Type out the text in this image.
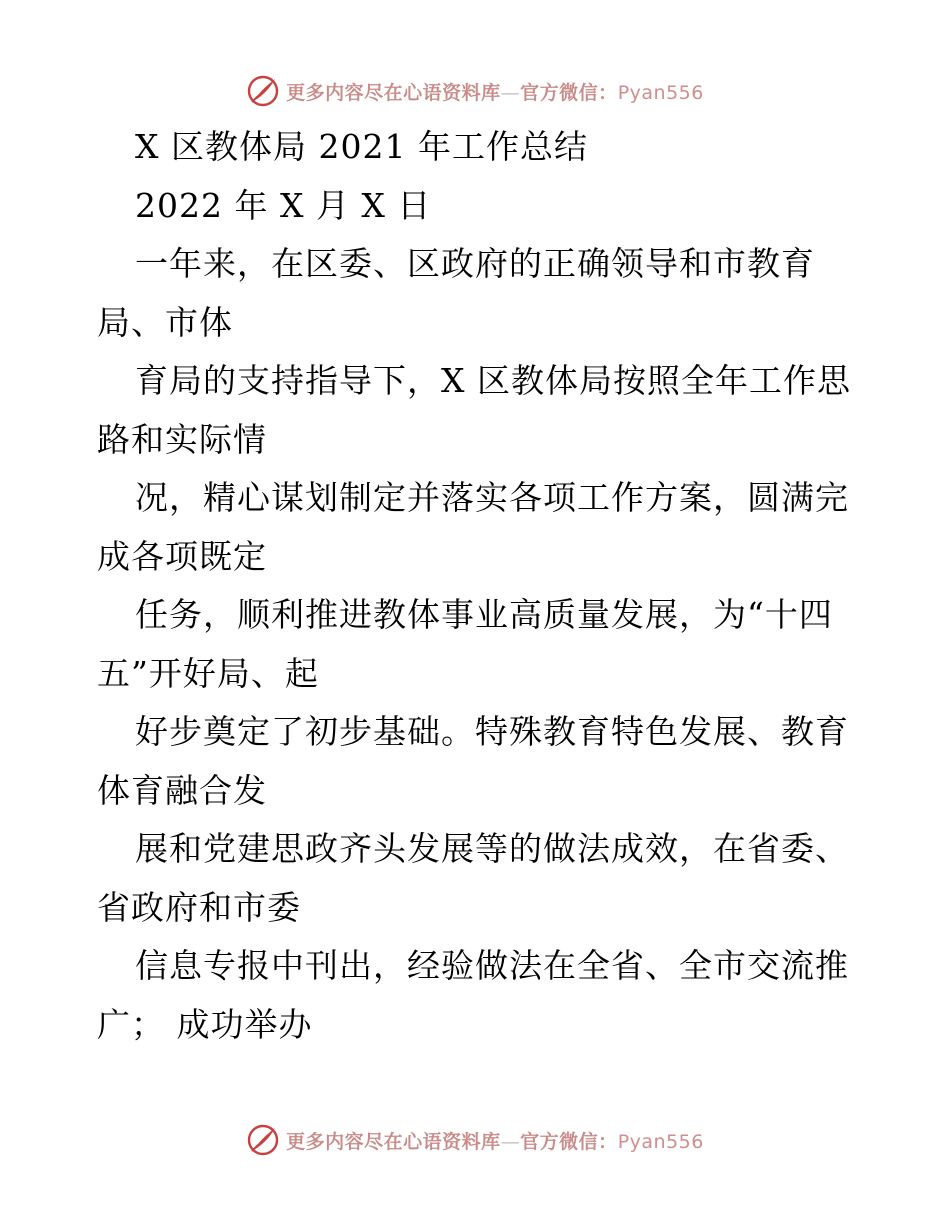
更多内容尽在心语资料库—官方微信：Pyan556
X 区教体局 2021 年工作总结
2022 年 X 月 X 日
一年来，在区委、区政府的正确领导和市教育
局、市体
育局的支持指导下，X 区教体局按照全年工作思
路和实际情
况，精心谋划制定并落实各项工作方案，圆满完
成各项既定
任务，顺利推进教体事业高质量发展，为“十四
五”开好局、起
好步奠定了初步基础。特殊教育特色发展、教育
体育融合发
展和党建思政齐头发展等的做法成效，在省委、
省政府和市委
信息专报中刊出，经验做法在全省、全市交流推
广； 成功举办
更多内容尽在心语资料库—官方微信：Pyan556
